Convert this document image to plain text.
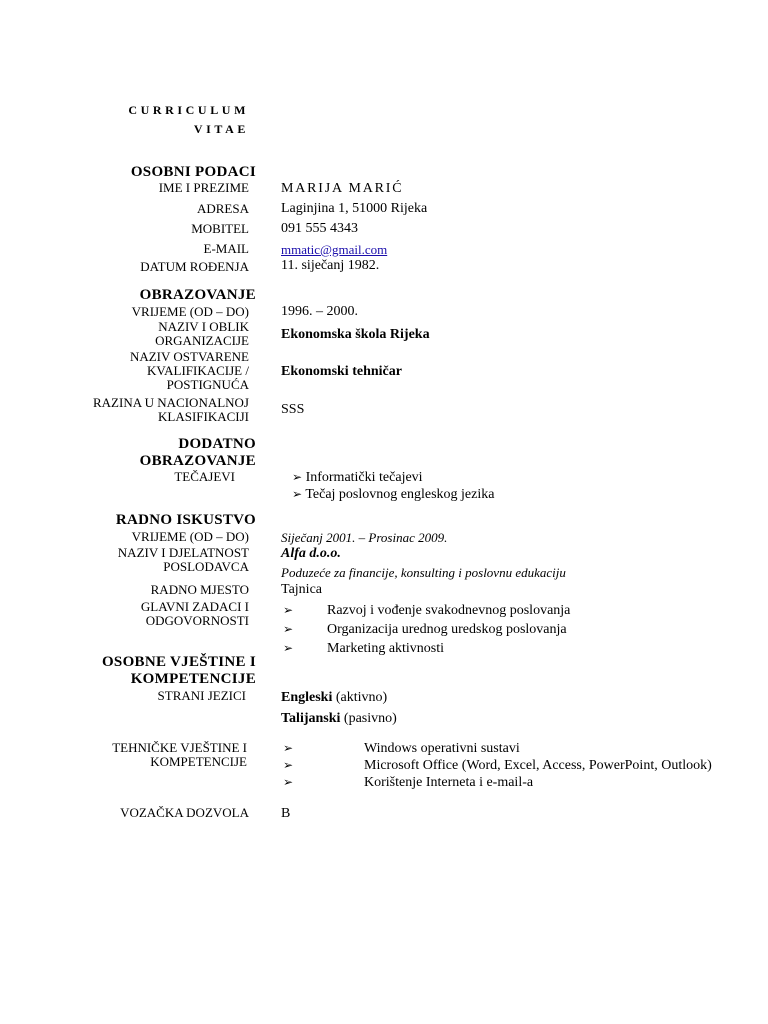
CURRICULUM
VITAE
OSOBNI PODACI
IME I PREZIME MARIJA MARIĆ
ADRESA Laginjina 1, 51000 Rijeka
MOBITEL 091 555 4343
E-MAIL mmatic@gmail.com
DATUM ROĐENJA 11. siječanj 1982.
OBRAZOVANJE
VRIJEME (OD – DO) 1996. – 2000.
NAZIV I OBLIK
ORGANIZACIJE Ekonomska škola Rijeka
NAZIV OSTVARENE
KVALIFIKACIJE /
POSTIGNUĆA
Ekonomski tehničar
RAZINA U NACIONALNOJ
KLASIFIKACIJI SSS
DODATNO
OBRAZOVANJE
TEČAJEVI	➢ Informatički tečajevi
➢ Tečaj poslovnog engleskog jezika
RADNO ISKUSTVO
VRIJEME (OD – DO) Siječanj 2001. – Prosinac 2009.
NAZIV I DJELATNOST
POSLODAVCA
Alfa d.o.o.
Poduzeće za financije, konsulting i poslovnu edukaciju
RADNO MJESTO Tajnica
GLAVNI ZADACI I
ODGOVORNOSTI
➢ Razvoj i vođenje svakodnevnog poslovanja
➢ Organizacija urednog uredskog poslovanja
➢ Marketing aktivnosti
OSOBNE VJEŠTINE I
KOMPETENCIJE
STRANI JEZICI	Engleski (aktivno)
Talijanski (pasivno)
TEHNIČKE VJEŠTINE I
KOMPETENCIJE
➢	Windows operativni sustavi
➢	Microsoft Office (Word, Excel, Access, PowerPoint, Outlook)
➢	Korištenje Interneta i e-mail-a
VOZAČKA DOZVOLA B
